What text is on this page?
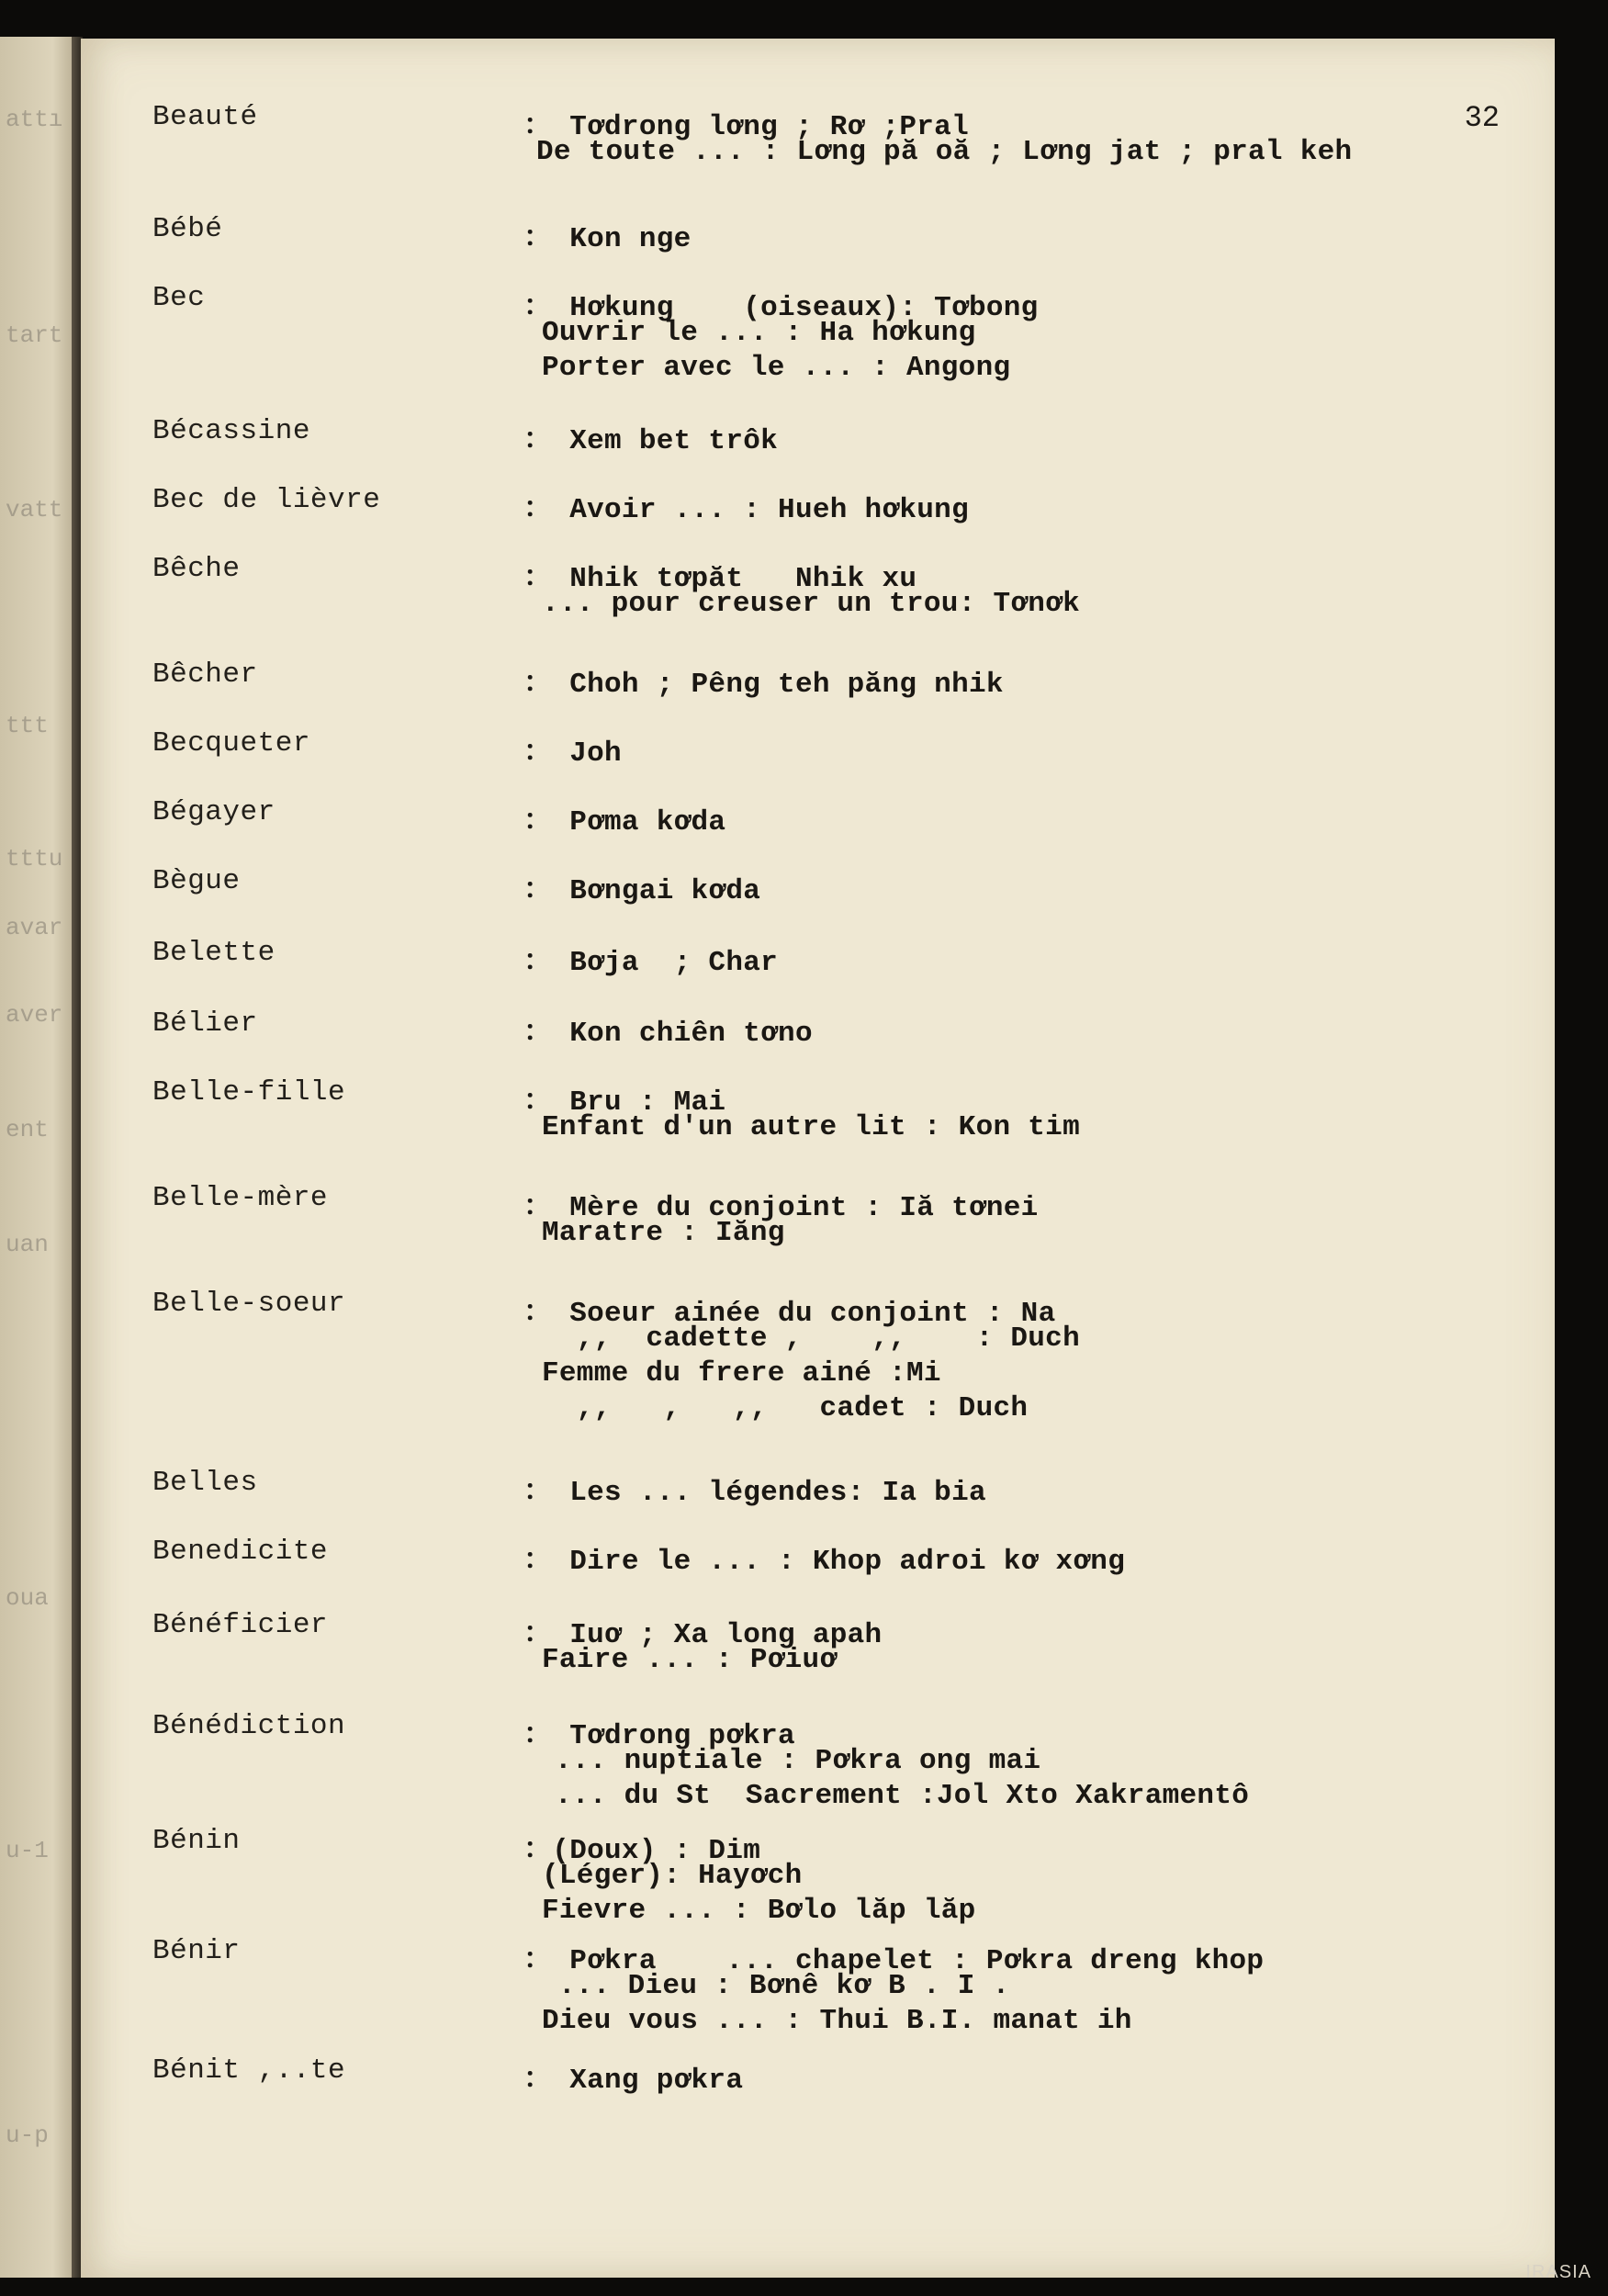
attı
tart
vatt
ttt
tttu
avar
aver
ent
uan
oua
u-1
u-p
32
Beauté	： Tơdrong lơng ; Rơ ;Pral
De toute ... : Lơng pă oă ; Lơng jat ; pral keh
Bébé	： Kon nge
Bec	： Hơkung    (oiseaux): Tơbong
Ouvrir le ... : Ha hơkung
Porter avec le ... : Angong
Bécassine	： Xem bet trôk
Bec de lièvre	： Avoir ... : Hueh hơkung
Bêche	： Nhik tơpăt   Nhik xu
... pour creuser un trou: Tơnơk
Bêcher	： Choh ; Pêng teh păng nhik
Becqueter	： Joh
Bégayer	： Pơma kơda
Bègue	： Bơngai kơda
Belette	： Bơja  ; Char
Bélier	： Kon chiên tơno
Belle-fille	： Bru : Mai
Enfant d'un autre lit : Kon tim
Belle-mère	： Mère du conjoint : Iă tơnei
Maratre : Iăng
Belle-soeur	： Soeur ainée du conjoint : Na
,,  cadette ,    ,,    : Duch
Femme du frere ainé :Mi
,,   ,   ,,   cadet : Duch
Belles	： Les ... légendes: Ia bia
Benedicite	： Dire le ... : Khop adroi kơ xơng
Bénéficier	： Iuơ ; Xa long apah
Faire ... : Pơiuơ
Bénédiction	： Tơdrong pơkra
... nuptiale : Pơkra ong mai
... du St  Sacrement :Jol Xto Xakramentô
Bénin	：(Doux) : Dim
(Léger): Hayơch
Fievre ... : Bơlo lăp lăp
Bénir	： Pơkra    ... chapelet : Pơkra dreng khop
... Dieu : Bơnê kơ B . I .
Dieu vous ... : Thui B.I. manat ih
Bénit ,..te	： Xang pơkra
IRASIA
